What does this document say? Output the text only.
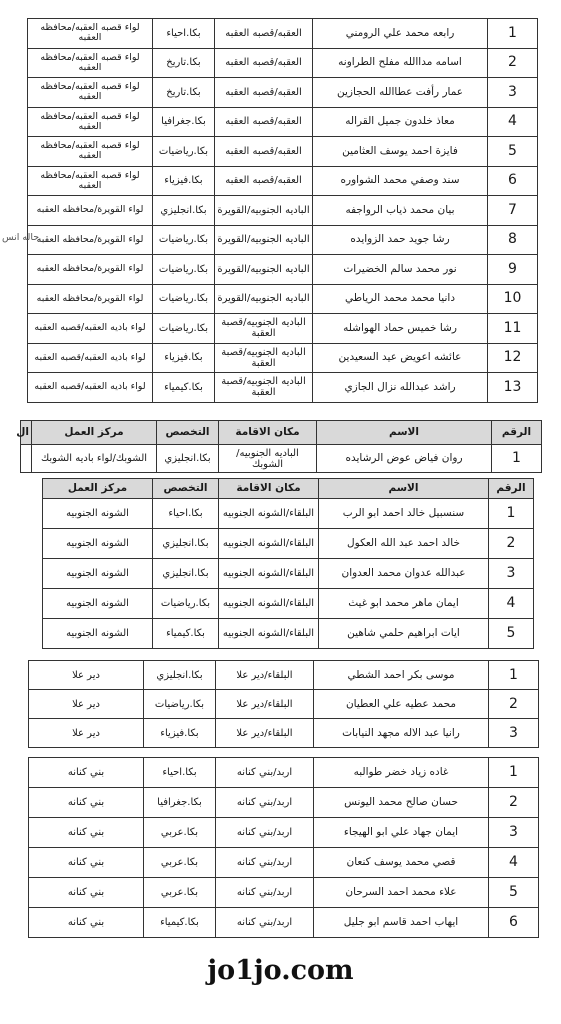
1	رابعه محمد علي الرومني	العقبه/قصبه العقبه	بكا.احياء	لواء قصبه العقبه/محافظه العقبه
2	اسامه مداالله مفلح الطراونه	العقبه/قصبه العقبه	بكا.تاريخ	لواء قصبه العقبه/محافظه العقبه
3	عمار رأفت عطاالله الحجازين	العقبه/قصبه العقبه	بكا.تاريخ	لواء قصبه العقبه/محافظه العقبه
4	معاذ خلدون جميل القراله	العقبه/قصبه العقبه	بكا.جغرافيا	لواء قصبه العقبه/محافظه العقبه
5	فايزة احمد يوسف العثامين	العقبه/قصبه العقبه	بكا.رياضيات	لواء قصبه العقبه/محافظه العقبه
6	سند وصفي محمد الشواوره	العقبه/قصبه العقبه	بكا.فيزياء	لواء قصبه العقبه/محافظه العقبه
7	بيان محمد ذياب الرواجفه	الباديه الجنوبيه/القويرة	بكا.انجليزي	لواء القويرة/محافظه العقبه
8	رشا جويد حمد الزوايده	الباديه الجنوبيه/القويرة	بكا.رياضيات	لواء القويرة/محافظه العقبه
9	نور محمد سالم الخضيرات	الباديه الجنوبيه/القويرة	بكا.رياضيات	لواء القويرة/محافظه العقبه
10	دانيا محمد محمد الرياطي	الباديه الجنوبيه/القويرة	بكا.رياضيات	لواء القويرة/محافظه العقبه
11	رشا خميس حماد الهواشله	الباديه الجنوبيه/قصبة العقبة	بكا.رياضيات	لواء باديه العقبه/قصبه العقبه
12	عائشه اعويض عيد السعيدين	الباديه الجنوبيه/قصبة العقبة	بكا.فيزياء	لواء باديه العقبه/قصبه العقبه
13	راشد عبدالله نزال الجازي	الباديه الجنوبيه/قصبة العقبة	بكا.كيمياء	لواء باديه العقبه/قصبه العقبه
حاله انس
الرقم	الاسم	مكان الاقامة	التخصص	مركز العمل	ال
1	روان فياض عوض الرشايده	الباديه الجنوبيه/الشوبك	بكا.انجليزي	الشوبك/لواء باديه الشوبك	
الرقم	الاسم	مكان الاقامة	التخصص	مركز العمل
1	سنسبيل خالد احمد ابو الرب	البلقاء/الشونه الجنوبيه	بكا.احياء	الشونه الجنوبيه
2	خالد احمد عبد الله العكول	البلقاء/الشونه الجنوبيه	بكا.انجليزي	الشونه الجنوبيه
3	عبدالله عدوان محمد العدوان	البلقاء/الشونه الجنوبيه	بكا.انجليزي	الشونه الجنوبيه
4	ايمان ماهر محمد ابو غيث	البلقاء/الشونه الجنوبيه	بكا.رياضيات	الشونه الجنوبيه
5	ايات ابراهيم حلمي شاهين	البلقاء/الشونه الجنوبيه	بكا.كيمياء	الشونه الجنوبيه
1	موسى بكر احمد الشطي	البلقاء/دير علا	بكا.انجليزي	دير علا
2	محمد عطيه علي العطيان	البلقاء/دير علا	بكا.رياضيات	دير علا
3	رانيا عبد الاله مجهد النيابات	البلقاء/دير علا	بكا.فيزياء	دير علا
1	غاده زياد خضر طوالبه	اربد/بني كنانه	بكا.احياء	بني كنانه
2	حسان صالح محمد اليونس	اربد/بني كنانه	بكا.جغرافيا	بني كنانه
3	ايمان جهاد علي ابو الهيجاء	اربد/بني كنانه	بكا.عربي	بني كنانه
4	قصي محمد يوسف كنعان	اربد/بني كنانه	بكا.عربي	بني كنانه
5	علاء محمد احمد السرحان	اربد/بني كنانه	بكا.عربي	بني كنانه
6	ايهاب احمد قاسم ابو جليل	اربد/بني كنانه	بكا.كيمياء	بني كنانه
jo1jo.com
